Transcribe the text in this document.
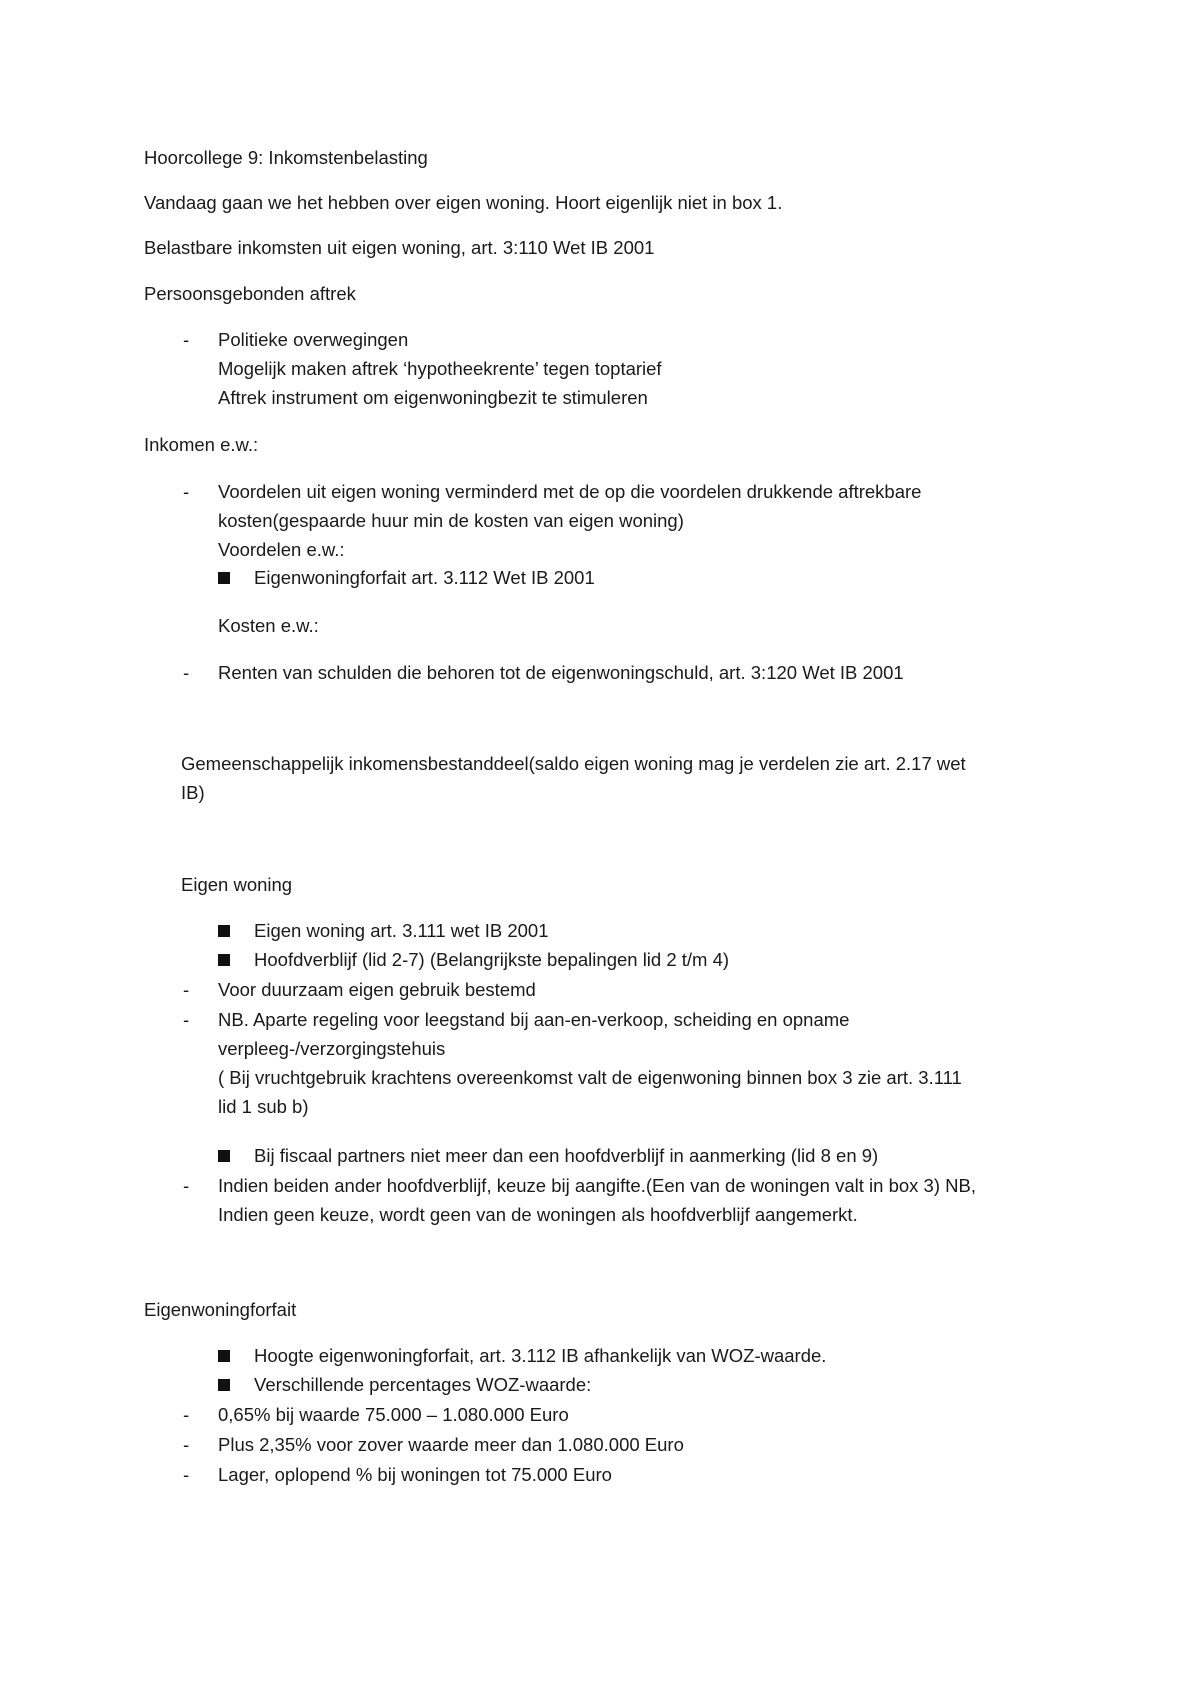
Hoorcollege 9: Inkomstenbelasting
Vandaag gaan we het hebben over eigen woning. Hoort eigenlijk niet in box 1.
Belastbare inkomsten uit eigen woning, art. 3:110 Wet IB 2001
Persoonsgebonden aftrek
- Politieke overwegingen
Mogelijk maken aftrek ‘hypotheekrente’ tegen toptarief
Aftrek instrument om eigenwoningbezit te stimuleren
Inkomen e.w.:
- Voordelen uit eigen woning verminderd met de op die voordelen drukkende aftrekbare
kosten(gespaarde huur min de kosten van eigen woning)
Voordelen e.w.:
Eigenwoningforfait art. 3.112 Wet IB 2001
Kosten e.w.:
- Renten van schulden die behoren tot de eigenwoningschuld, art. 3:120 Wet IB 2001
Gemeenschappelijk inkomensbestanddeel(saldo eigen woning mag je verdelen zie art. 2.17 wet
IB)
Eigen woning
Eigen woning art. 3.111 wet IB 2001
Hoofdverblijf (lid 2-7) (Belangrijkste bepalingen lid 2 t/m 4)
- Voor duurzaam eigen gebruik bestemd
- NB. Aparte regeling voor leegstand bij aan-en-verkoop, scheiding en opname
verpleeg-/verzorgingstehuis
( Bij vruchtgebruik krachtens overeenkomst valt de eigenwoning binnen box 3 zie art. 3.111
lid 1 sub b)
Bij fiscaal partners niet meer dan een hoofdverblijf in aanmerking (lid 8 en 9)
- Indien beiden ander hoofdverblijf, keuze bij aangifte.(Een van de woningen valt in box 3) NB,
Indien geen keuze, wordt geen van de woningen als hoofdverblijf aangemerkt.
Eigenwoningforfait
Hoogte eigenwoningforfait, art. 3.112 IB afhankelijk van WOZ-waarde.
Verschillende percentages WOZ-waarde:
- 0,65% bij waarde 75.000 – 1.080.000 Euro
- Plus 2,35% voor zover waarde meer dan 1.080.000 Euro
- Lager, oplopend % bij woningen tot 75.000 Euro
